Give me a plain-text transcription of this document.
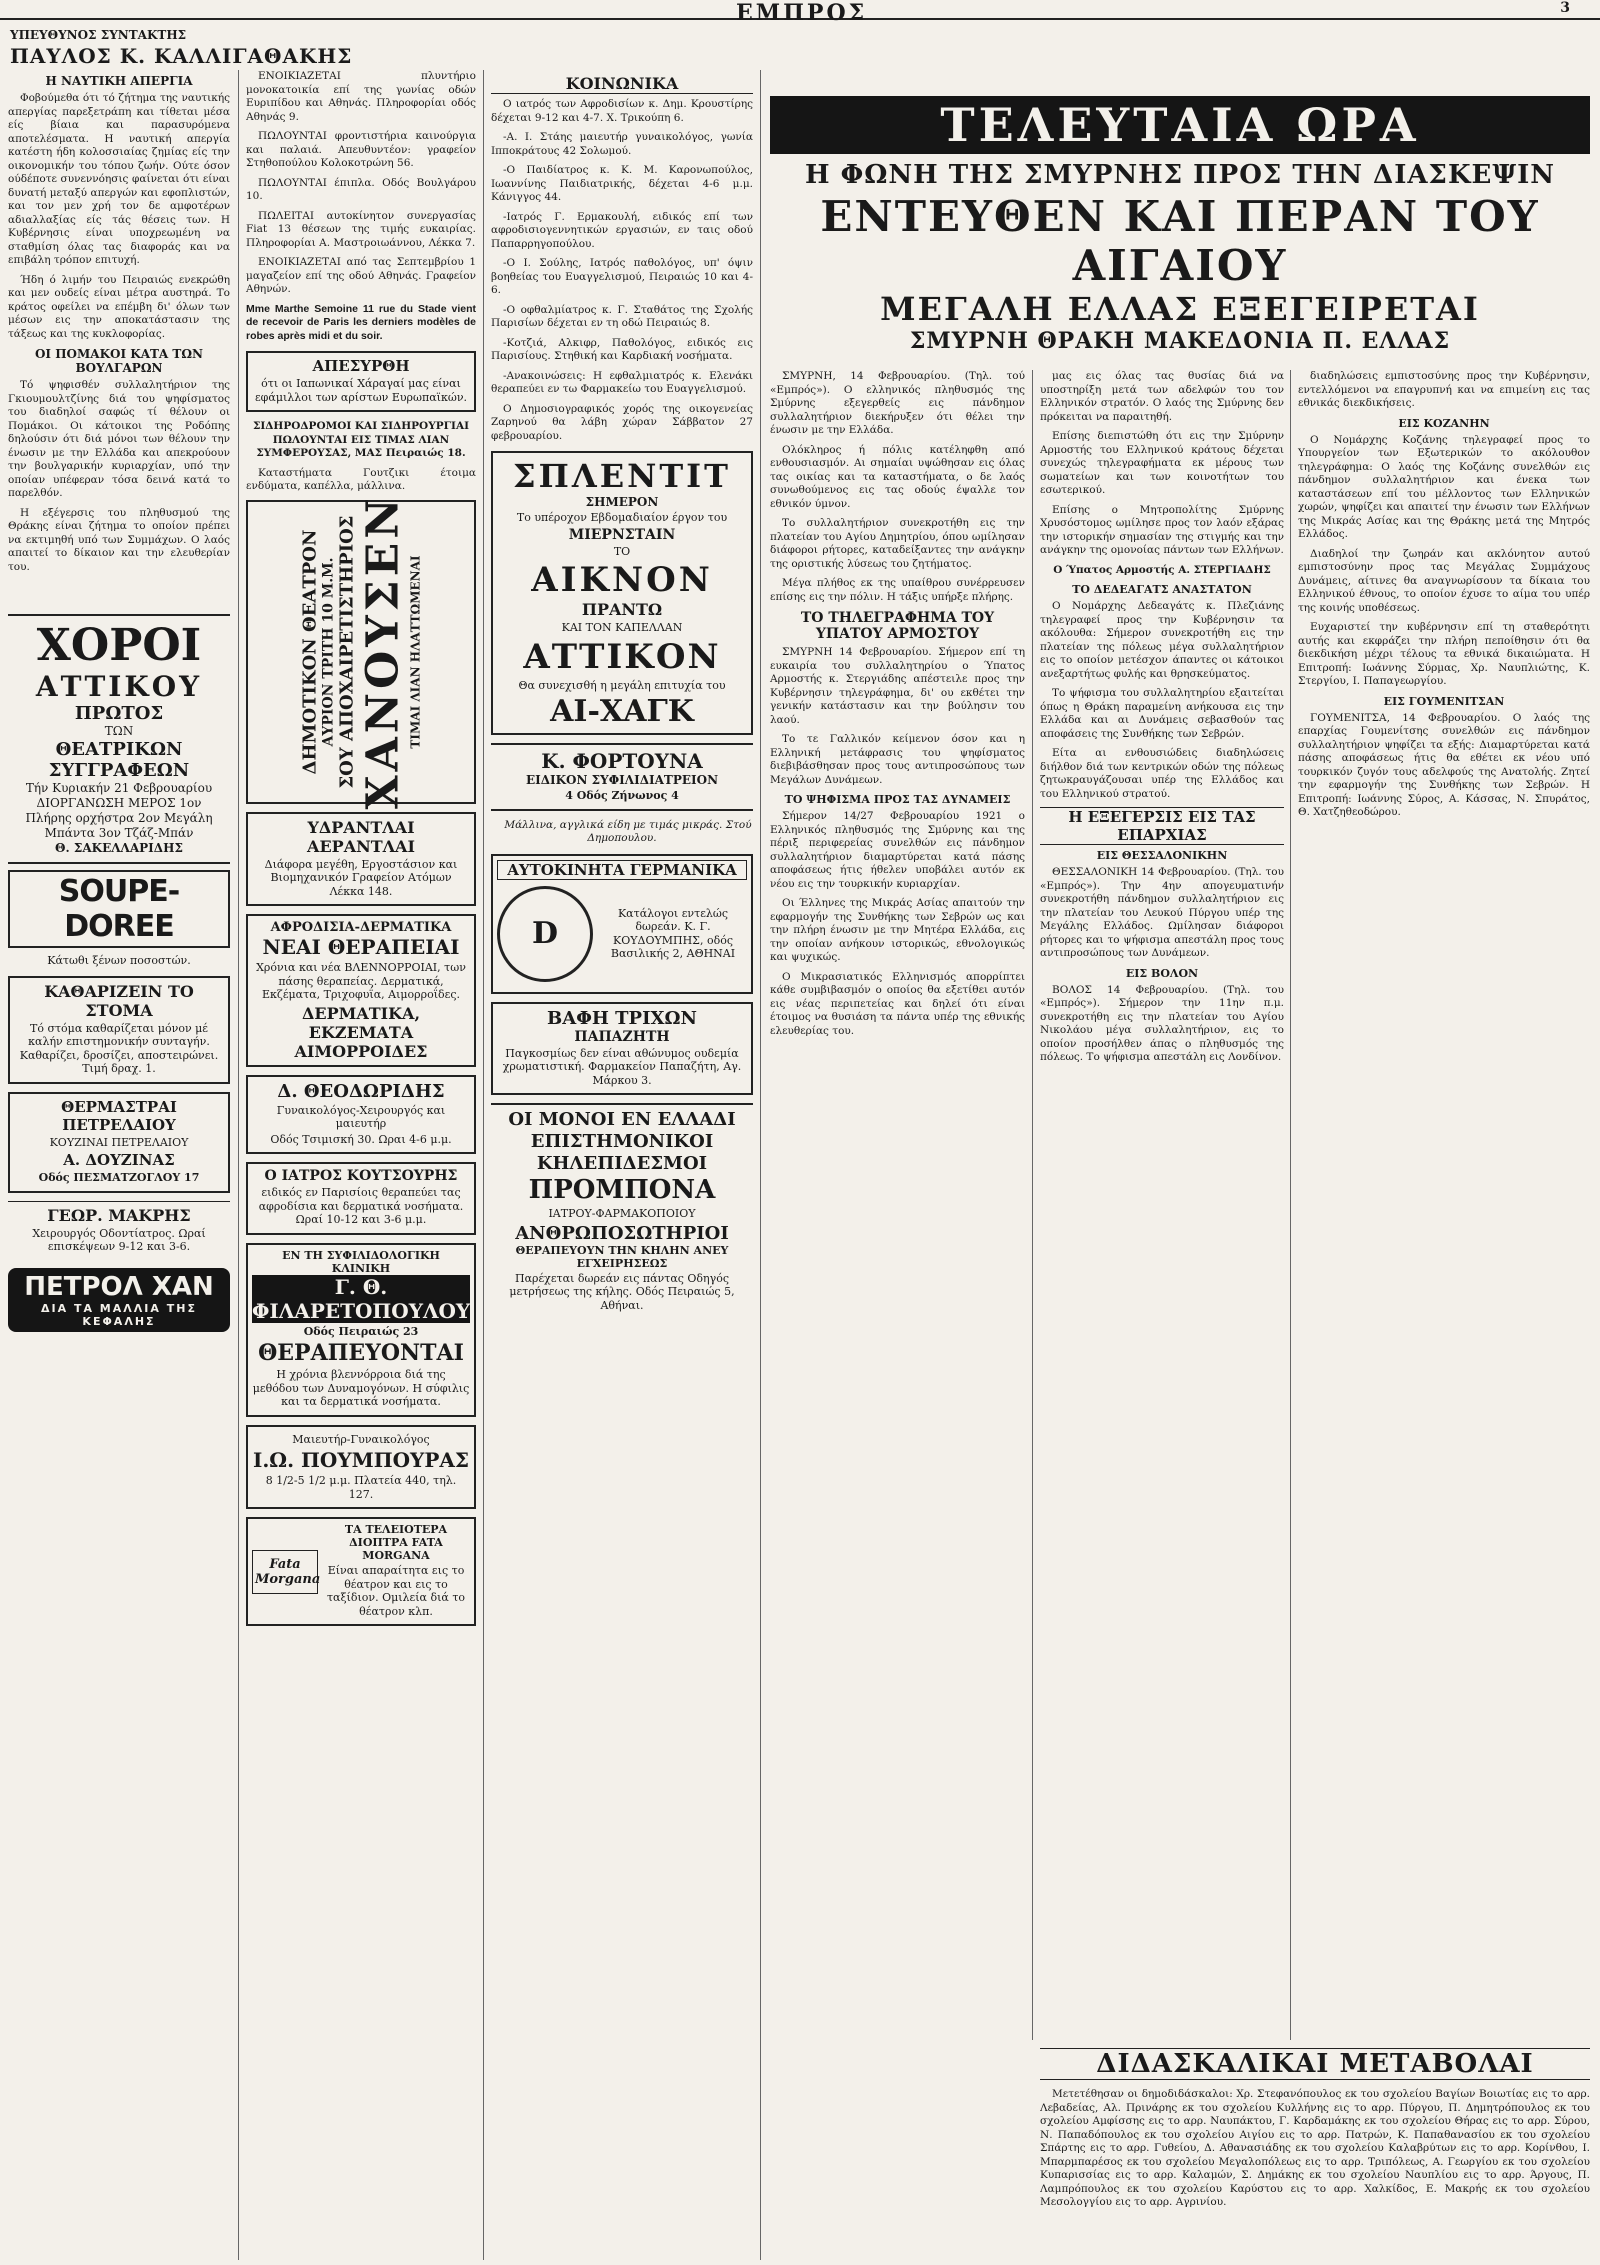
ΕΜΠΡΟΣ	3
ΥΠΕΥΘΥΝΟΣ ΣΥΝΤΑΚΤΗΣ
ΠΑΥΛΟΣ Κ. ΚΑΛΛΙΓΑΘΑΚΗΣ
Η ΝΑΥΤΙΚΗ ΑΠΕΡΓΙΑ

Φοβούμεθα ότι τό ζήτημα της ναυτικής απεργίας παρεξετράπη και τίθεται μέσα είς βίαια και παρασυρόμενα αποτελέσματα. Η ναυτική απεργία κατέστη ήδη κολοσσιαίας ζημίας είς την οικονομικήν του τόπου ζωήν. Ούτε όσον ούδέποτε συνεννόησις φαίνεται ότι είναι δυνατή μεταξύ απεργών και εφοπλιστών, και τον μεν χρή τον δε αμφοτέρων αδιαλλαξίας είς τάς θέσεις των. Η Κυβέρνησις είναι υποχρεωμένη να σταθμίση όλας τας διαφοράς και να επιβάλη τρόπον επιτυχή.

Ήδη ό λιμήν του Πειραιώς ενεκρώθη και μεν ουδείς είναι μέτρα αυστηρά. Το κράτος οφείλει να επέμβη δι' όλων των μέσων εις την αποκατάστασιν της τάξεως και της κυκλοφορίας.

ΟΙ ΠΟΜΑΚΟΙ ΚΑΤΑ ΤΩΝ ΒΟΥΛΓΑΡΩΝ

Τό ψηφισθέν συλλαλητήριον της Γκιουμουλτζίνης διά του ψηφίσματος του διαδηλοί σαφώς τί θέλουν οι Πομάκοι. Οι κάτοικοι της Ροδόπης δηλούσιν ότι διά μόνοι των θέλουν την ένωσιν με την Ελλάδα και απεκρούουν την βουλγαρικήν κυριαρχίαν, υπό την οποίαν υπέφεραν τόσα δεινά κατά το παρελθόν.

Η εξέγερσις του πληθυσμού της Θράκης είναι ζήτημα το οποίον πρέπει να εκτιμηθή υπό των Συμμάχων. Ο λαός απαιτεί το δίκαιον και την ελευθερίαν του.

ΧΟΡΟΙ
ΑΤΤΙΚΟΥ
ΠΡΩΤΟΣ
ΤΩΝ
ΘΕΑΤΡΙΚΩΝ ΣΥΓΓΡΑΦΕΩΝ
Τήν Κυριακήν 21 Φεβρουαρίου ΔΙΟΡΓΑΝΩΣΗ ΜΕΡΟΣ 1ον Πλήρης ορχήστρα 2ον Μεγάλη Μπάντα 3ον Τζάζ-Μπάν
Θ. ΣΑΚΕΛΛΑΡΙΔΗΣ
SOUPE-DOREE
Κάτωθι ξένων ποσοστών.
ΚΑΘΑΡΙΖΕΙΝ ΤΟ ΣΤΟΜΑ
Τό στόμα καθαρίζεται μόνον μέ καλήν επιστημονικήν συνταγήν. Καθαρίζει, δροσίζει, αποστειρώνει. Τιμή δραχ. 1.
ΘΕΡΜΑΣΤΡΑΙ ΠΕΤΡΕΛΑΙΟΥ
ΚΟΥΖΙΝΑΙ ΠΕΤΡΕΛΑΙΟΥ
Α. ΔΟΥΖΙΝΑΣ
Οδός ΠΕΣΜΑΤΖΟΓΛΟΥ 17
ΓΕΩΡ. ΜΑΚΡΗΣ
Χειρουργός Οδοντίατρος. Ωραί επισκέψεων 9-12 και 3-6.
ΠΕΤΡΟΛ ΧΑΝ
ΔΙΑ ΤΑ ΜΑΛΛΙΑ ΤΗΣ ΚΕΦΑΛΗΣ

ΕΝΟΙΚΙΑΖΕΤΑΙ πλυντήριο μονοκατοικία επί της γωνίας οδών Ευριπίδου και Αθηνάς. Πληροφορίαι οδός Αθηνάς 9.

ΠΩΛΟΥΝΤΑΙ φροντιστήρια καινούργια και παλαιά. Απευθυντέον: γραφείον Στηθοπούλου Κολοκοτρώνη 56.

ΠΩΛΟΥΝΤΑΙ έπιπλα. Οδός Βουλγάρου 10.

ΠΩΛΕΙΤΑΙ αυτοκίνητον συνεργασίας Fiat 13 θέσεων της τιμής ευκαιρίας. Πληροφορίαι Α. Μαστροιωάννου, Λέκκα 7.

ΕΝΟΙΚΙΑΖΕΤΑΙ από τας Σεπτεμβρίου 1 μαγαζείον επί της οδού Αθηνάς. Γραφείον Αθηνών.

Mme Marthe Semoine 11 rue du Stade vient de recevoir de Paris les derniers modèles de robes après midi et du soir.

ΑΠΕΣΥΡΘΗ
ότι οι Ιαπωνικαί Χάραγαί μας είναι εφάμιλλοι των αρίστων Ευρωπαϊκών.

ΣΙΔΗΡΟΔΡΟΜΟΙ ΚΑΙ ΣΙΔΗΡΟΥΡΓΙΑΙ ΠΩΛΟΥΝΤΑΙ ΕΙΣ ΤΙΜΑΣ ΛΙΑΝ ΣΥΜΦΕΡΟΥΣΑΣ, ΜΑΣ Πειραιώς 18.

Καταστήματα Γουτζικι έτοιμα ενδύματα, καπέλλα, μάλλινα.

ΔΗΜΟΤΙΚΟΝ ΘΕΑΤΡΟΝ ΑΥΡΙΟΝ ΤΡΙΤΗ 10 Μ.Μ. ΣΟΥ ΑΠΟΧΑΙΡΕΤΙΣΤΗΡΙΟΣ ΧΑΝΟΥΣΕΝ ΤΙΜΑΙ ΛΙΑΝ ΗΛΑΤΤΩΜΕΝΑΙ
ΥΔΡΑΝΤΛΑΙ ΑΕΡΑΝΤΛΑΙ
Διάφορα μεγέθη, Εργοστάσιον και Βιομηχανικόν Γραφείον Ατόμων Λέκκα 148.
ΑΦΡΟΔΙΣΙΑ-ΔΕΡΜΑΤΙΚΑ
ΝΕΑΙ ΘΕΡΑΠΕΙΑΙ
Χρόνια και νέα ΒΛΕΝΝΟΡΡΟΙΑΙ, των πάσης θεραπείας. Δερματικά, Εκζέματα, Τριχοφυΐα, Αιμορροΐδες.
ΔΕΡΜΑΤΙΚΑ, ΕΚΖΕΜΑΤΑ
ΑΙΜΟΡΡΟΙΔΕΣ
Δ. ΘΕΟΔΩΡΙΔΗΣ
Γυναικολόγος-Χειρουργός και μαιευτήρ
Οδός Τσιμισκή 30. Ωραι 4-6 μ.μ.
Ο ΙΑΤΡΟΣ ΚΟΥΤΣΟΥΡΗΣ
ειδικός εν Παρισίοις θεραπεύει τας αφροδίσια και δερματικά νοσήματα. Ωραί 10-12 και 3-6 μ.μ.
ΕΝ ΤΗ ΣΥΦΙΛΙΔΟΛΟΓΙΚΗ ΚΛΙΝΙΚΗ
Γ. Θ. ΦΙΛΑΡΕΤΟΠΟΥΛΟΥ
Οδός Πειραιώς 23
ΘΕΡΑΠΕΥΟΝΤΑΙ
Η χρόνια βλεννόρροια διά της μεθόδου των Δυναμογόνων. Η σύφιλις και τα δερματικά νοσήματα.
Μαιευτήρ-Γυναικολόγος
Ι.Ω. ΠΟΥΜΠΟΥΡΑΣ
8 1/2-5 1/2 μ.μ. Πλατεία 440, τηλ. 127.
Fata Morgana
ΤΑ ΤΕΛΕΙΟΤΕΡΑ ΔΙΟΠΤΡΑ FATA MORGANA
Είναι απαραίτητα εις το θέατρον και εις το ταξίδιον. Ομιλεία διά το θέατρον κλπ.
ΚΟΙΝΩΝΙΚΑ

Ο ιατρός των Αφροδισίων κ. Δημ. Κρουστίρης δέχεται 9-12 και 4-7. Χ. Τρικούπη 6.

-Α. Ι. Στάης μαιευτήρ γυναικολόγος, γωνία Ιπποκράτους 42 Σολωμού.

-Ο Παιδίατρος κ. Κ. Μ. Καρονωπούλος, Ιωαννίνης Παιδιατρικής, δέχεται 4-6 μ.μ. Κάνιγγος 44.

-Ιατρός Γ. Ερμακουλή, ειδικός επί των αφροδισιογεννητικών εργασιών, εν ταις οδού Παπαρρηγοπούλου.

-Ο Ι. Σούλης, Ιατρός παθολόγος, υπ' όψιν βοηθείας του Ευαγγελισμού, Πειραιώς 10 και 4-6.

-Ο οφθαλμίατρος κ. Γ. Σταθάτος της Σχολής Παρισίων δέχεται εν τη οδώ Πειραιώς 8.

-Κοτζιά, Αλκιφρ, Παθολόγος, ειδικός εις Παρισίους. Στηθική και Καρδιακή νοσήματα.

-Ανακοινώσεις: Η εφθαλμιατρός κ. Ελενάκι θεραπεύει εν τω Φαρμακείω του Ευαγγελισμού.

Ο Δημοσιογραφικός χορός της οικογενείας Ζαρηνού θα λάβη χώραν Σάββατον 27 φεβρουαρίου.

ΣΠΛΕΝΤΙΤ
ΣΗΜΕΡΟΝ
Το υπέροχον Εβδομαδιαίον έργον του
ΜΙΕΡΝΣΤΑΙΝ
ΤΟ
ΑΙΚΝΟΝ
ΠΡΑΝΤΩ
ΚΑΙ ΤΟΝ ΚΑΠΕΛΛΑΝ
ΑΤΤΙΚΟΝ
Θα συνεχισθή η μεγάλη επιτυχία του
ΑΙ-ΧΑΓΚ
Κ. ΦΟΡΤΟΥΝΑ
ΕΙΔΙΚΟΝ ΣΥΦΙΛΙΔΙΑΤΡΕΙΟΝ
4 Οδός Ζήνωνος 4

Μάλλινα, αγγλικά είδη με τιμάς μικράς. Στού Δημοπουλου.

ΑΥΤΟΚΙΝΗΤΑ ΓΕΡΜΑΝΙΚΑ
D
Κατάλογοι εντελώς δωρεάν. Κ. Γ. ΚΟΥΔΟΥΜΠΗΣ, οδός Βασιλικής 2, ΑΘΗΝΑΙ
ΒΑΦΗ ΤΡΙΧΩΝ
ΠΑΠΑΖΗΤΗ
Παγκοσμίως δεν είναι αθώνυμος ουδεμία χρωματιστική. Φαρμακείον Παπαζήτη, Αγ. Μάρκου 3.
ΟΙ ΜΟΝΟΙ ΕΝ ΕΛΛΑΔΙ ΕΠΙΣΤΗΜΟΝΙΚΟΙ ΚΗΛΕΠΙΔΕΣΜΟΙ
ΠΡΟΜΠΟΝΑ
ΙΑΤΡΟΥ-ΦΑΡΜΑΚΟΠΟΙΟΥ
ΑΝΘΡΩΠΟΣΩΤΗΡΙΟΙ
ΘΕΡΑΠΕΥΟΥΝ ΤΗΝ ΚΗΛΗΝ ΑΝΕΥ ΕΓΧΕΙΡΗΣΕΩΣ
Παρέχεται δωρεάν εις πάντας Οδηγός μετρήσεως της κήλης. Οδός Πειραιώς 5, Αθήναι.
ΤΕΛΕΥΤΑΙΑ ΩΡΑ
Η ΦΩΝΗ ΤΗΣ ΣΜΥΡΝΗΣ ΠΡΟΣ ΤΗΝ ΔΙΑΣΚΕΨΙΝ
ΕΝΤΕΥΘΕΝ ΚΑΙ ΠΕΡΑΝ ΤΟΥ ΑΙΓΑΙΟΥ
ΜΕΓΑΛΗ ΕΛΛΑΣ ΕΞΕΓΕΙΡΕΤΑΙ
ΣΜΥΡΝΗ ΘΡΑΚΗ ΜΑΚΕΔΟΝΙΑ Π. ΕΛΛΑΣ

ΣΜΥΡΝΗ, 14 Φεβρουαρίου. (Τηλ. τού «Εμπρός»). Ο ελληνικός πληθυσμός της Σμύρνης εξεγερθείς εις πάνδημον συλλαλητήριον διεκήρυξεν ότι θέλει την ένωσιν με την Ελλάδα.

Ολόκληρος ή πόλις κατέληφθη από ενθουσιασμόν. Αι σημαίαι υψώθησαν εις όλας τας οικίας και τα καταστήματα, ο δε λαός συνωθούμενος εις τας οδούς έψαλλε τον εθνικόν ύμνον.

Το συλλαλητήριον συνεκροτήθη εις την πλατείαν του Αγίου Δημητρίου, όπου ωμίλησαν διάφοροι ρήτορες, καταδείξαντες την ανάγκην της οριστικής λύσεως του ζητήματος.

Μέγα πλήθος εκ της υπαίθρου συνέρρευσεν επίσης εις την πόλιν. Η τάξις υπήρξε πλήρης.

ΤΟ ΤΗΛΕΓΡΑΦΗΜΑ ΤΟΥ ΥΠΑΤΟΥ ΑΡΜΟΣΤΟΥ

ΣΜΥΡΝΗ 14 Φεβρουαρίου. Σήμερον επί τη ευκαιρία του συλλαλητηρίου ο Ύπατος Αρμοστής κ. Στεργιάδης απέστειλε προς την Κυβέρνησιν τηλεγράφημα, δι' ου εκθέτει την γενικήν κατάστασιν και την βούλησιν του λαού.

Το τε Γαλλικόν κείμενον όσον και η Ελληνική μετάφρασις του ψηφίσματος διεβιβάσθησαν προς τους αντιπροσώπους των Μεγάλων Δυνάμεων.

ΤΟ ΨΗΦΙΣΜΑ ΠΡΟΣ ΤΑΣ ΔΥΝΑΜΕΙΣ

Σήμερον 14/27 Φεβρουαρίου 1921 ο Ελληνικός πληθυσμός της Σμύρνης και της πέριξ περιφερείας συνελθών εις πάνδημον συλλαλητήριον διαμαρτύρεται κατά πάσης αποφάσεως ήτις ήθελεν υποβάλει αυτόν εκ νέου εις την τουρκικήν κυριαρχίαν.

Οι Έλληνες της Μικράς Ασίας απαιτούν την εφαρμογήν της Συνθήκης των Σεβρών ως και την πλήρη ένωσιν με την Μητέρα Ελλάδα, εις την οποίαν ανήκουν ιστορικώς, εθνολογικώς και ψυχικώς.

Ο Μικρασιατικός Ελληνισμός απορρίπτει κάθε συμβιβασμόν ο οποίος θα εξετίθει αυτόν εις νέας περιπετείας και δηλεί ότι είναι έτοιμος να θυσιάση τα πάντα υπέρ της εθνικής ελευθερίας του.

μας εις όλας τας θυσίας διά να υποστηρίξη μετά των αδελφών του τον Ελληνικόν στρατόν. Ο λαός της Σμύρνης δεν πρόκειται να παραιτηθή.

Επίσης διεπιστώθη ότι εις την Σμύρνην Αρμοστής του Ελληνικού κράτους δέχεται συνεχώς τηλεγραφήματα εκ μέρους των σωματείων και των κοινοτήτων του εσωτερικού.

Επίσης ο Μητροπολίτης Σμύρνης Χρυσόστομος ωμίλησε προς τον λαόν εξάρας την ιστορικήν σημασίαν της στιγμής και την ανάγκην της ομονοίας πάντων των Ελλήνων.

Ο Ύπατος Αρμοστής Α. ΣΤΕΡΓΙΑΔΗΣ

ΤΟ ΔΕΔΕΑΓΑΤΣ ΑΝΑΣΤΑΤΟΝ

Ο Νομάρχης Δεδεαγάτς κ. Πλεζιάνης τηλεγραφεί προς την Κυβέρνησιν τα ακόλουθα: Σήμερον συνεκροτήθη εις την πλατείαν της πόλεως μέγα συλλαλητήριον εις το οποίον μετέσχον άπαντες οι κάτοικοι ανεξαρτήτως φυλής και θρησκεύματος.

Το ψήφισμα του συλλαλητηρίου εξαιτείται όπως η Θράκη παραμείνη ανήκουσα εις την Ελλάδα και αι Δυνάμεις σεβασθούν τας αποφάσεις της Συνθήκης των Σεβρών.

Είτα αι ενθουσιώδεις διαδηλώσεις διήλθον διά των κεντρικών οδών της πόλεως ζητωκραυγάζουσαι υπέρ της Ελλάδος και του Ελληνικού στρατού.

Η ΕΞΕΓΕΡΣΙΣ ΕΙΣ ΤΑΣ ΕΠΑΡΧΙΑΣ
ΕΙΣ ΘΕΣΣΑΛΟΝΙΚΗΝ

ΘΕΣΣΑΛΟΝΙΚΗ 14 Φεβρουαρίου. (Τηλ. του «Εμπρός»). Την 4ην απογευματινήν συνεκροτήθη πάνδημον συλλαλητήριον εις την πλατείαν του Λευκού Πύργου υπέρ της Μεγάλης Ελλάδος. Ωμίλησαν διάφοροι ρήτορες και το ψήφισμα απεστάλη προς τους αντιπροσώπους των Δυνάμεων.

ΕΙΣ ΒΟΛΟΝ

ΒΟΛΟΣ 14 Φεβρουαρίου. (Τηλ. του «Εμπρός»). Σήμερον την 11ην π.μ. συνεκροτήθη εις την πλατείαν του Αγίου Νικολάου μέγα συλλαλητήριον, εις το οποίον προσήλθεν άπας ο πληθυσμός της πόλεως. Το ψήφισμα απεστάλη εις Λονδίνον.

διαδηλώσεις εμπιστοσύνης προς την Κυβέρνησιν, εντελλόμενοι να επαγρυπνή και να επιμείνη εις τας εθνικάς διεκδικήσεις.

ΕΙΣ ΚΟΖΑΝΗΝ

Ο Νομάρχης Κοζάνης τηλεγραφεί προς το Υπουργείον των Εξωτερικών το ακόλουθον τηλεγράφημα: Ο λαός της Κοζάνης συνελθών εις πάνδημον συλλαλητήριον και ένεκα των καταστάσεων επί του μέλλοντος των Ελληνικών χωρών, ψηφίζει και απαιτεί την ένωσιν των Ελλήνων της Μικράς Ασίας και της Θράκης μετά της Μητρός Ελλάδος.

Διαδηλοί την ζωηράν και ακλόνητον αυτού εμπιστοσύνην προς τας Μεγάλας Συμμάχους Δυνάμεις, αίτινες θα αναγνωρίσουν τα δίκαια του Ελληνικού έθνους, το οποίον έχυσε το αίμα του υπέρ της κοινής υποθέσεως.

Ευχαριστεί την κυβέρνησιν επί τη σταθερότητι αυτής και εκφράζει την πλήρη πεποίθησιν ότι θα διεκδικήση μέχρι τέλους τα εθνικά δικαιώματα. Η Επιτροπή: Ιωάννης Σύρμας, Χρ. Ναυπλιώτης, Κ. Στεργίου, Ι. Παπαγεωργίου.

ΕΙΣ ΓΟΥΜΕΝΙΤΣΑΝ

ΓΟΥΜΕΝΙΤΣΑ, 14 Φεβρουαρίου. Ο λαός της επαρχίας Γουμενίτσης συνελθών εις πάνδημον συλλαλητήριον ψηφίζει τα εξής: Διαμαρτύρεται κατά πάσης αποφάσεως ήτις θα εθέτει εκ νέου υπό τουρκικόν ζυγόν τους αδελφούς της Ανατολής. Ζητεί την εφαρμογήν της Συνθήκης των Σεβρών. Η Επιτροπή: Ιωάννης Σύρος, Α. Κάσσας, Ν. Σπυράτος, Θ. Χατζηθεοδώρου.

ΔΙΔΑΣΚΑΛΙΚΑΙ ΜΕΤΑΒΟΛΑΙ

Μετετέθησαν οι δημοδιδάσκαλοι: Χρ. Στεφανόπουλος εκ του σχολείου Βαγίων Βοιωτίας εις το αρρ. Λεβαδείας, Αλ. Πρινάρης εκ του σχολείου Κυλλήνης εις το αρρ. Πύργου, Π. Δημητρόπουλος εκ του σχολείου Αμφίσσης εις το αρρ. Ναυπάκτου, Γ. Καρδαμάκης εκ του σχολείου Θήρας εις το αρρ. Σύρου, Ν. Παπαδόπουλος εκ του σχολείου Αιγίου εις το αρρ. Πατρών, Κ. Παπαθανασίου εκ του σχολείου Σπάρτης εις το αρρ. Γυθείου, Δ. Αθανασιάδης εκ του σχολείου Καλαβρύτων εις το αρρ. Κορίνθου, Ι. Μπαρμπαρέσος εκ του σχολείου Μεγαλοπόλεως εις το αρρ. Τριπόλεως, Α. Γεωργίου εκ του σχολείου Κυπαρισσίας εις το αρρ. Καλαμών, Σ. Δημάκης εκ του σχολείου Ναυπλίου εις το αρρ. Άργους, Π. Λαμπρόπουλος εκ του σχολείου Καρύστου εις το αρρ. Χαλκίδος, Ε. Μακρής εκ του σχολείου Μεσολογγίου εις το αρρ. Αγρινίου.
